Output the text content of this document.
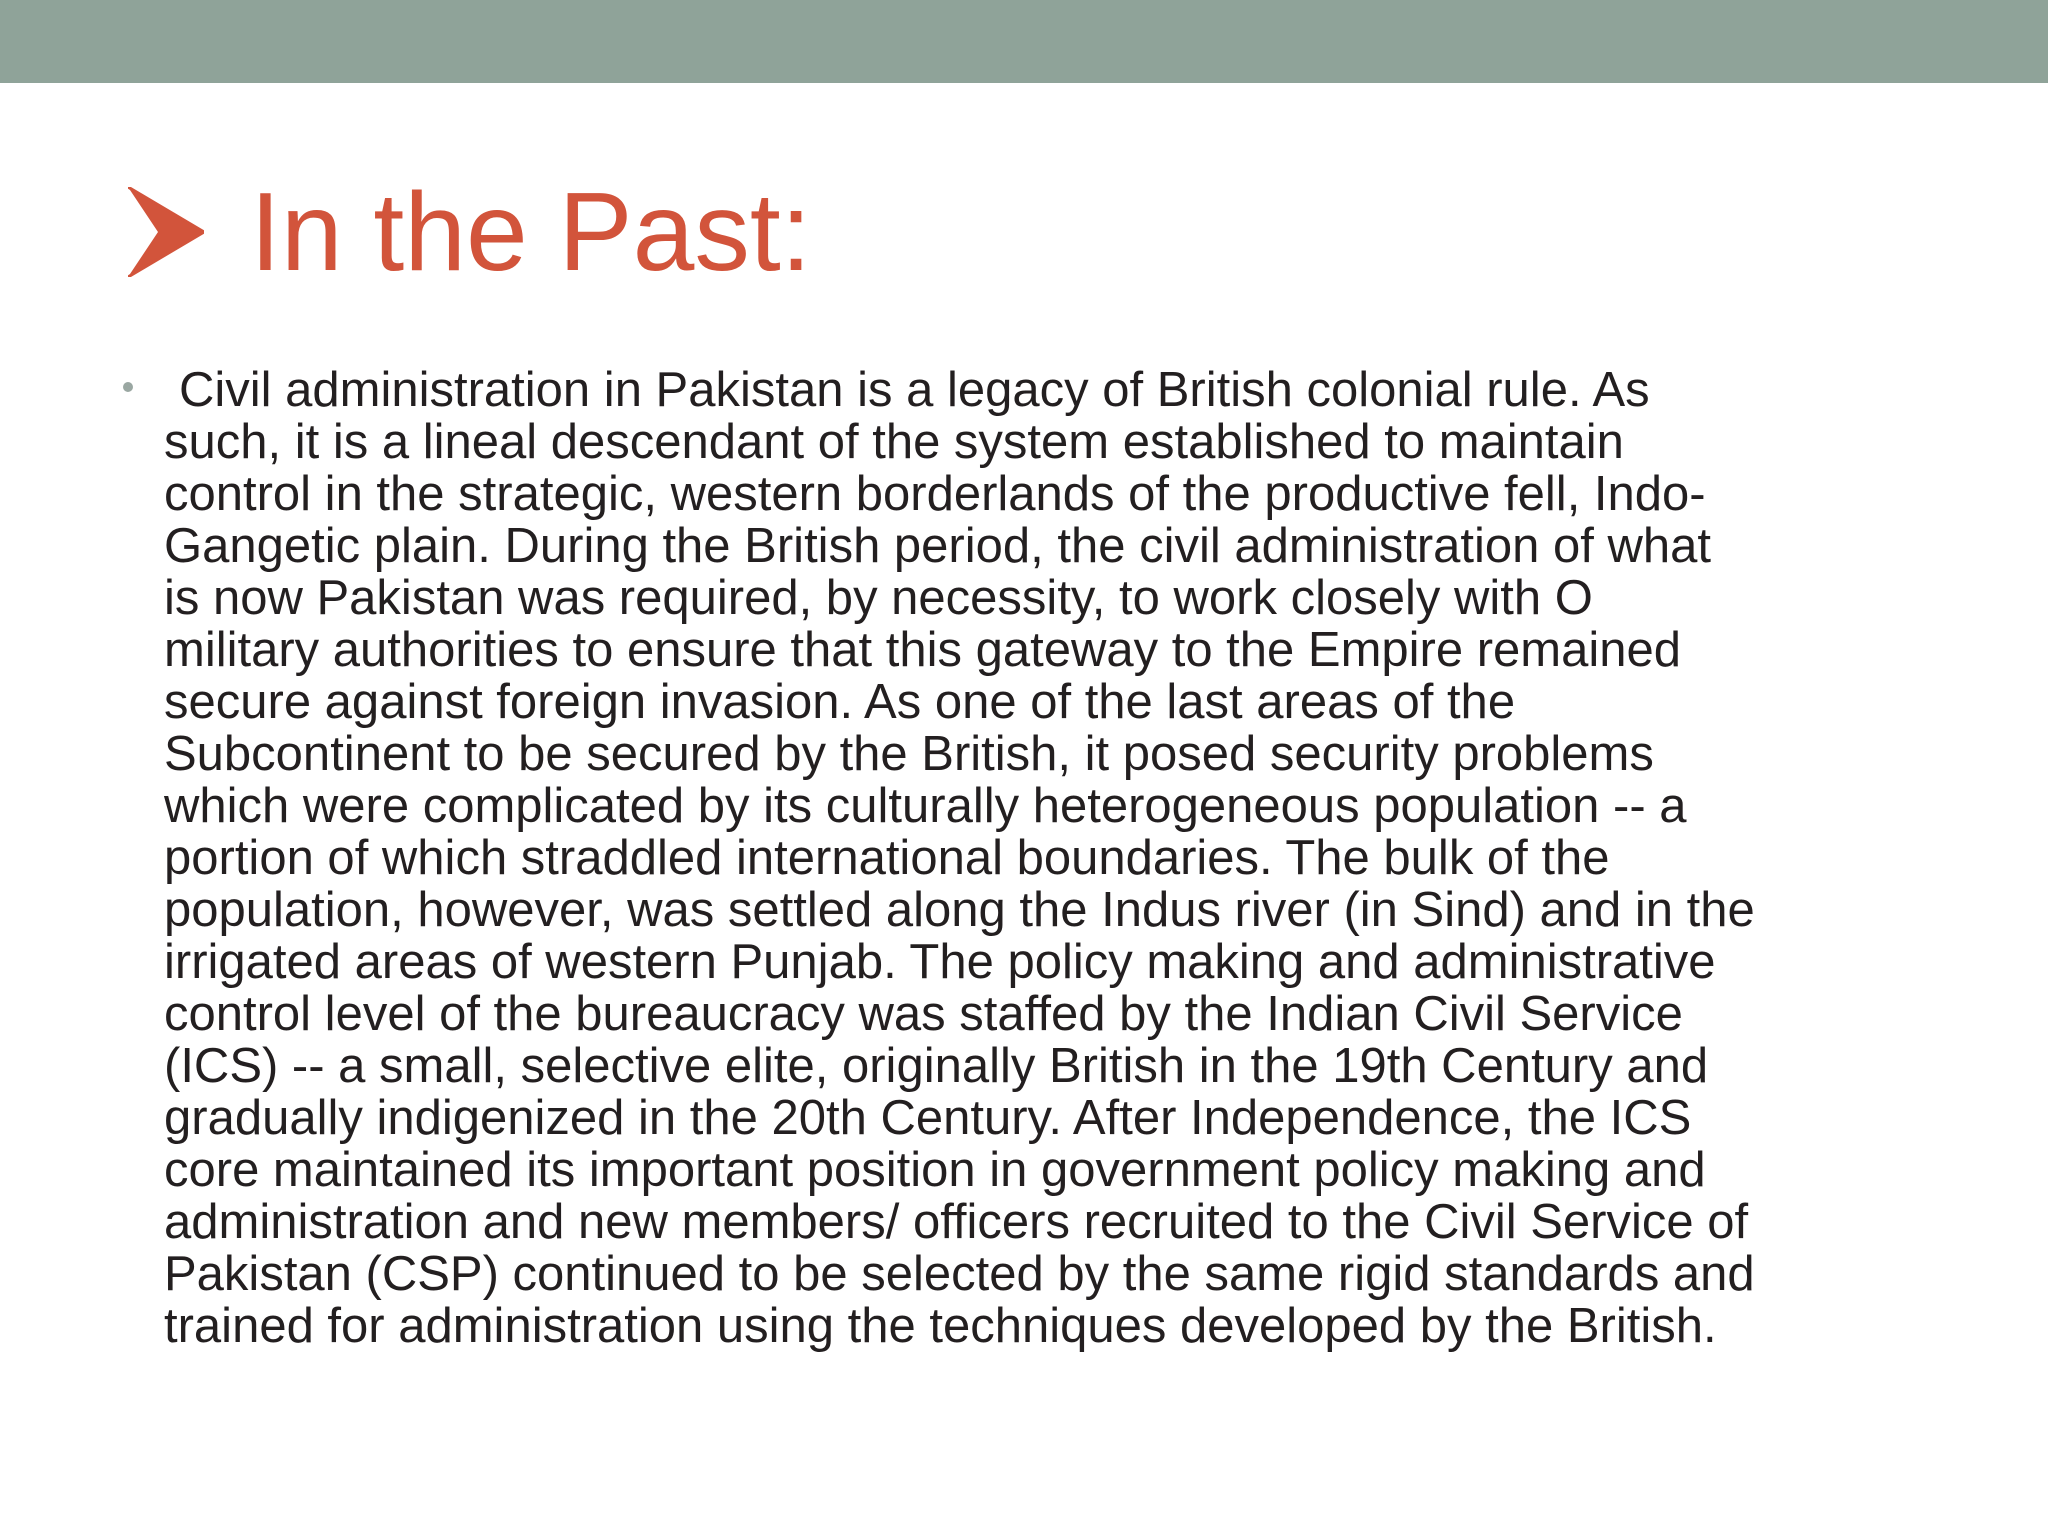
In the Past:
Civil administration in Pakistan is a legacy of British colonial rule. As
such, it is a lineal descendant of the system established to maintain
control in the strategic, western borderlands of the productive fell, Indo-
Gangetic plain. During the British period, the civil administration of what
is now Pakistan was required, by necessity, to work closely with O
military authorities to ensure that this gateway to the Empire remained
secure against foreign invasion. As one of the last areas of the
Subcontinent to be secured by the British, it posed security problems
which were complicated by its culturally heterogeneous population -- a
portion of which straddled international boundaries. The bulk of the
population, however, was settled along the Indus river (in Sind) and in the
irrigated areas of western Punjab. The policy making and administrative
control level of the bureaucracy was staffed by the Indian Civil Service
(ICS) -- a small, selective elite, originally British in the 19th Century and
gradually indigenized in the 20th Century. After Independence, the ICS
core maintained its important position in government policy making and
administration and new members/ officers recruited to the Civil Service of
Pakistan (CSP) continued to be selected by the same rigid standards and
trained for administration using the techniques developed by the British.
